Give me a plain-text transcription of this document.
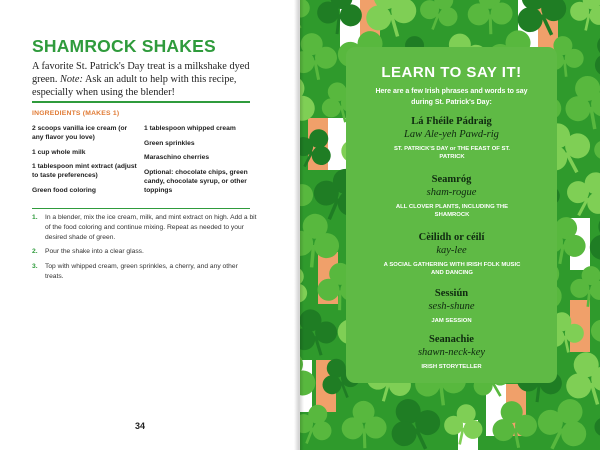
SHAMROCK SHAKES
A favorite St. Patrick's Day treat is a milkshake dyed green. Note: Ask an adult to help with this recipe, especially when using the blender!
INGREDIENTS (MAKES 1)
2 scoops vanilla ice cream (or any flavor you love)
1 cup whole milk
1 tablespoon mint extract (adjust to taste preferences)
Green food coloring
1 tablespoon whipped cream
Green sprinkles
Maraschino cherries
Optional: chocolate chips, green candy, chocolate syrup, or other toppings
1. In a blender, mix the ice cream, milk, and mint extract on high. Add a bit of the food coloring and continue mixing. Repeat as needed to your desired shade of green.
2. Pour the shake into a clear glass.
3. Top with whipped cream, green sprinkles, a cherry, and any other treats.
34
LEARN TO SAY IT!
Here are a few Irish phrases and words to say during St. Patrick's Day:
Lá Fhéile Pádraig
Law Ale-yeh Pawd-rig
ST. PATRICK'S DAY or THE FEAST OF ST. PATRICK
Seamróg
sham-rogue
ALL CLOVER PLANTS, INCLUDING THE SHAMROCK
Cèilidh or céilí
kay-lee
A SOCIAL GATHERING WITH IRISH FOLK MUSIC AND DANCING
Sessiún
sesh-shune
JAM SESSION
Seanachie
shawn-neck-key
IRISH STORYTELLER
